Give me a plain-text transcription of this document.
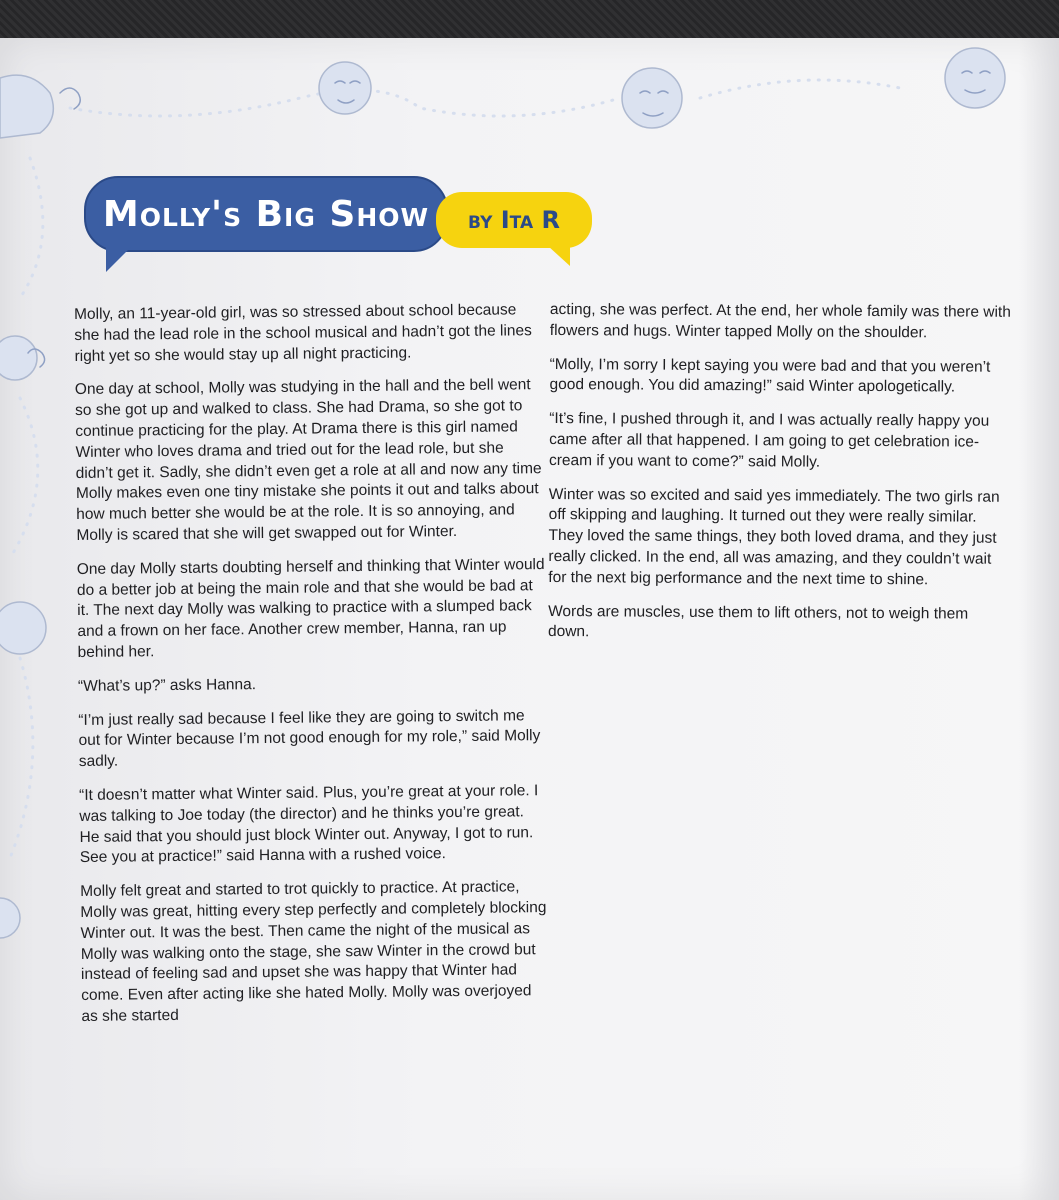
Molly's Big Show by Ita R

Molly, an 11-year-old girl, was so stressed about school because she had the lead role in the school musical and hadn’t got the lines right yet so she would stay up all night practicing.

One day at school, Molly was studying in the hall and the bell went so she got up and walked to class. She had Drama, so she got to continue practicing for the play. At Drama there is this girl named Winter who loves drama and tried out for the lead role, but she didn’t get it. Sadly, she didn’t even get a role at all and now any time Molly makes even one tiny mistake she points it out and talks about how much better she would be at the role. It is so annoying, and Molly is scared that she will get swapped out for Winter.

One day Molly starts doubting herself and thinking that Winter would do a better job at being the main role and that she would be bad at it. The next day Molly was walking to practice with a slumped back and a frown on her face. Another crew member, Hanna, ran up behind her.

“What’s up?” asks Hanna.

“I’m just really sad because I feel like they are going to switch me out for Winter because I’m not good enough for my role,” said Molly sadly.

“It doesn’t matter what Winter said. Plus, you’re great at your role. I was talking to Joe today (the director) and he thinks you’re great. He said that you should just block Winter out. Anyway, I got to run. See you at practice!” said Hanna with a rushed voice.

Molly felt great and started to trot quickly to practice. At practice, Molly was great, hitting every step perfectly and completely blocking Winter out. It was the best. Then came the night of the musical as Molly was walking onto the stage, she saw Winter in the crowd but instead of feeling sad and upset she was happy that Winter had come. Even after acting like she hated Molly. Molly was overjoyed as she started

acting, she was perfect. At the end, her whole family was there with flowers and hugs. Winter tapped Molly on the shoulder.

“Molly, I’m sorry I kept saying you were bad and that you weren’t good enough. You did amazing!” said Winter apologetically.

“It’s fine, I pushed through it, and I was actually really happy you came after all that happened. I am going to get celebration ice-cream if you want to come?” said Molly.

Winter was so excited and said yes immediately. The two girls ran off skipping and laughing. It turned out they were really similar. They loved the same things, they both loved drama, and they just really clicked. In the end, all was amazing, and they couldn’t wait for the next big performance and the next time to shine.

Words are muscles, use them to lift others, not to weigh them down.
